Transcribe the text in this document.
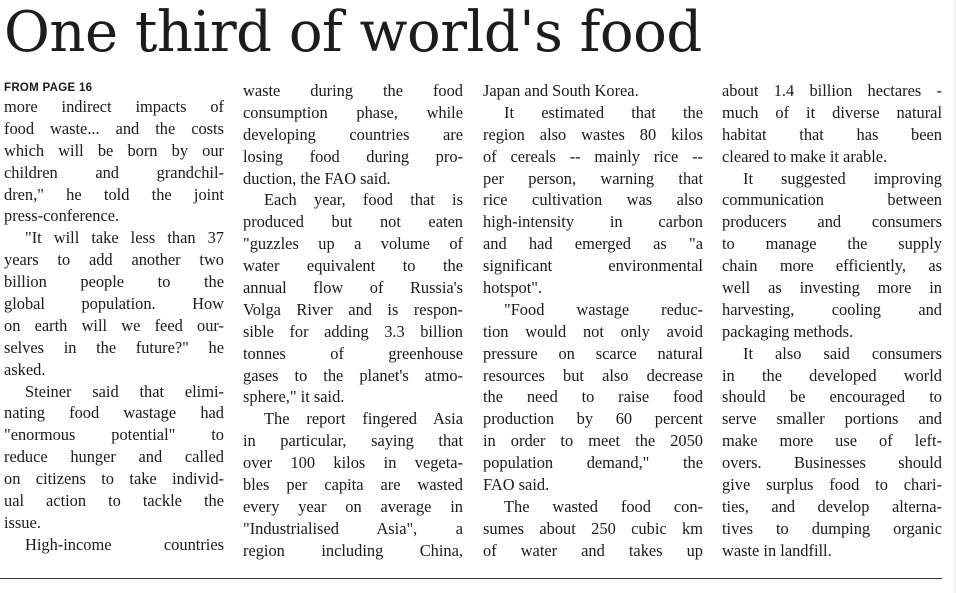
One third of world's food
FROM PAGE 16
more indirect impacts of
food waste... and the costs
which will be born by our
children and grandchil-
dren," he told the joint
press-conference.
"It will take less than 37
years to add another two
billion people to the
global population. How
on earth will we feed our-
selves in the future?" he
asked.
Steiner said that elimi-
nating food wastage had
"enormous potential" to
reduce hunger and called
on citizens to take individ-
ual action to tackle the
issue.
High-income countries
waste during the food
consumption phase, while
developing countries are
losing food during pro-
duction, the FAO said.
Each year, food that is
produced but not eaten
"guzzles up a volume of
water equivalent to the
annual flow of Russia's
Volga River and is respon-
sible for adding 3.3 billion
tonnes of greenhouse
gases to the planet's atmo-
sphere," it said.
The report fingered Asia
in particular, saying that
over 100 kilos in vegeta-
bles per capita are wasted
every year on average in
"Industrialised Asia", a
region including China,
Japan and South Korea.
It estimated that the
region also wastes 80 kilos
of cereals -- mainly rice --
per person, warning that
rice cultivation was also
high-intensity in carbon
and had emerged as "a
significant environmental
hotspot".
"Food wastage reduc-
tion would not only avoid
pressure on scarce natural
resources but also decrease
the need to raise food
production by 60 percent
in order to meet the 2050
population demand," the
FAO said.
The wasted food con-
sumes about 250 cubic km
of water and takes up
about 1.4 billion hectares -
much of it diverse natural
habitat that has been
cleared to make it arable.
It suggested improving
communication between
producers and consumers
to manage the supply
chain more efficiently, as
well as investing more in
harvesting, cooling and
packaging methods.
It also said consumers
in the developed world
should be encouraged to
serve smaller portions and
make more use of left-
overs. Businesses should
give surplus food to chari-
ties, and develop alterna-
tives to dumping organic
waste in landfill.
